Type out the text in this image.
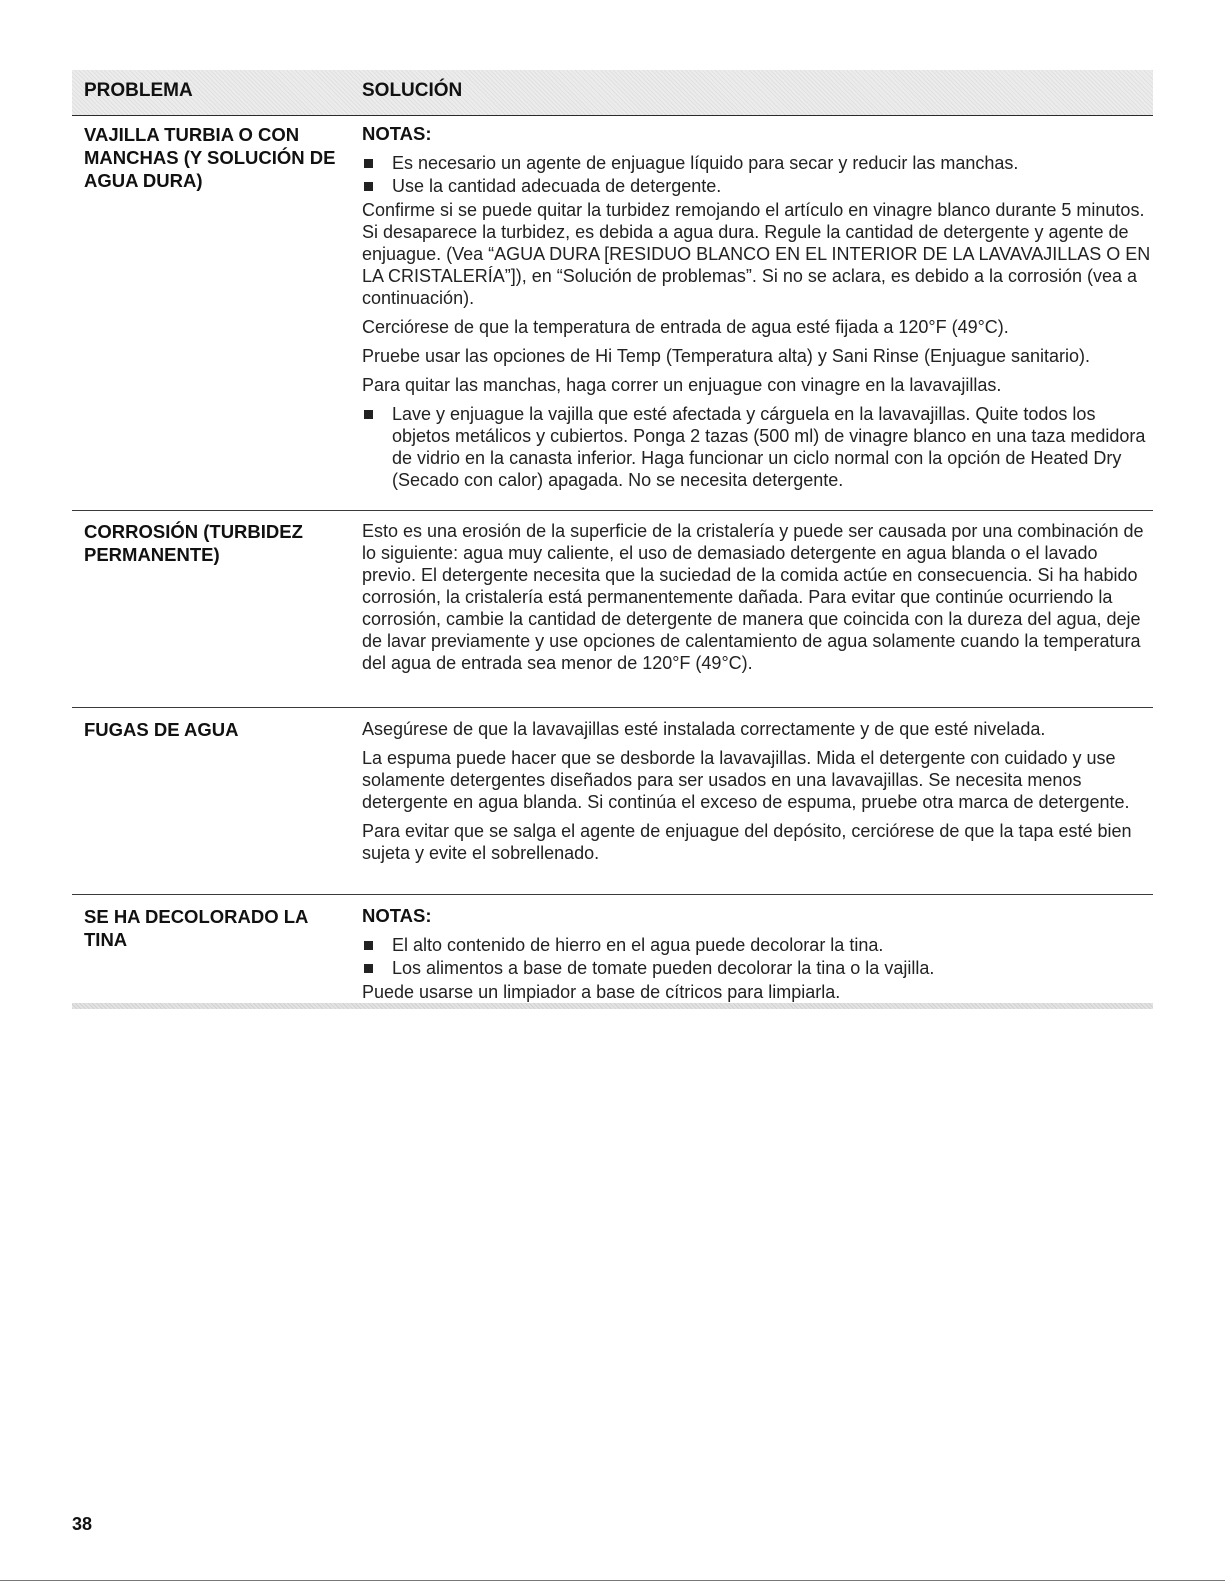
PROBLEMA	SOLUCIÓN
VAJILLA TURBIA O CON MANCHAS (Y SOLUCIÓN DE AGUA DURA)
NOTAS:
Es necesario un agente de enjuague líquido para secar y reducir las manchas.
Use la cantidad adecuada de detergente.

Confirme si se puede quitar la turbidez remojando el artículo en vinagre blanco durante 5 minutos. Si desaparece la turbidez, es debida a agua dura. Regule la cantidad de detergente y agente de enjuague. (Vea “AGUA DURA [RESIDUO BLANCO EN EL INTERIOR DE LA LAVAVAJILLAS O EN LA CRISTALERÍA”]), en “Solución de problemas”. Si no se aclara, es debido a la corrosión (vea a continuación).

Cerciórese de que la temperatura de entrada de agua esté fijada a 120°F (49°C).

Pruebe usar las opciones de Hi Temp (Temperatura alta) y Sani Rinse (Enjuague sanitario).

Para quitar las manchas, haga correr un enjuague con vinagre en la lavavajillas.

Lave y enjuague la vajilla que esté afectada y cárguela en la lavavajillas. Quite todos los objetos metálicos y cubiertos. Ponga 2 tazas (500 ml) de vinagre blanco en una taza medidora de vidrio en la canasta inferior. Haga funcionar un ciclo normal con la opción de Heated Dry (Secado con calor) apagada. No se necesita detergente.
CORROSIÓN (TURBIDEZ PERMANENTE)

Esto es una erosión de la superficie de la cristalería y puede ser causada por una combinación de lo siguiente: agua muy caliente, el uso de demasiado detergente en agua blanda o el lavado previo. El detergente necesita que la suciedad de la comida actúe en consecuencia. Si ha habido corrosión, la cristalería está permanentemente dañada. Para evitar que continúe ocurriendo la corrosión, cambie la cantidad de detergente de manera que coincida con la dureza del agua, deje de lavar previamente y use opciones de calentamiento de agua solamente cuando la temperatura del agua de entrada sea menor de 120°F (49°C).

FUGAS DE AGUA	Asegúrese de que la lavavajillas esté instalada correctamente y de que esté nivelada.

La espuma puede hacer que se desborde la lavavajillas. Mida el detergente con cuidado y use solamente detergentes diseñados para ser usados en una lavavajillas. Se necesita menos detergente en agua blanda. Si continúa el exceso de espuma, pruebe otra marca de detergente.

Para evitar que se salga el agente de enjuague del depósito, cerciórese de que la tapa esté bien sujeta y evite el sobrellenado.

SE HA DECOLORADO LA TINA
NOTAS:
El alto contenido de hierro en el agua puede decolorar la tina.
Los alimentos a base de tomate pueden decolorar la tina o la vajilla.

Puede usarse un limpiador a base de cítricos para limpiarla.

38
